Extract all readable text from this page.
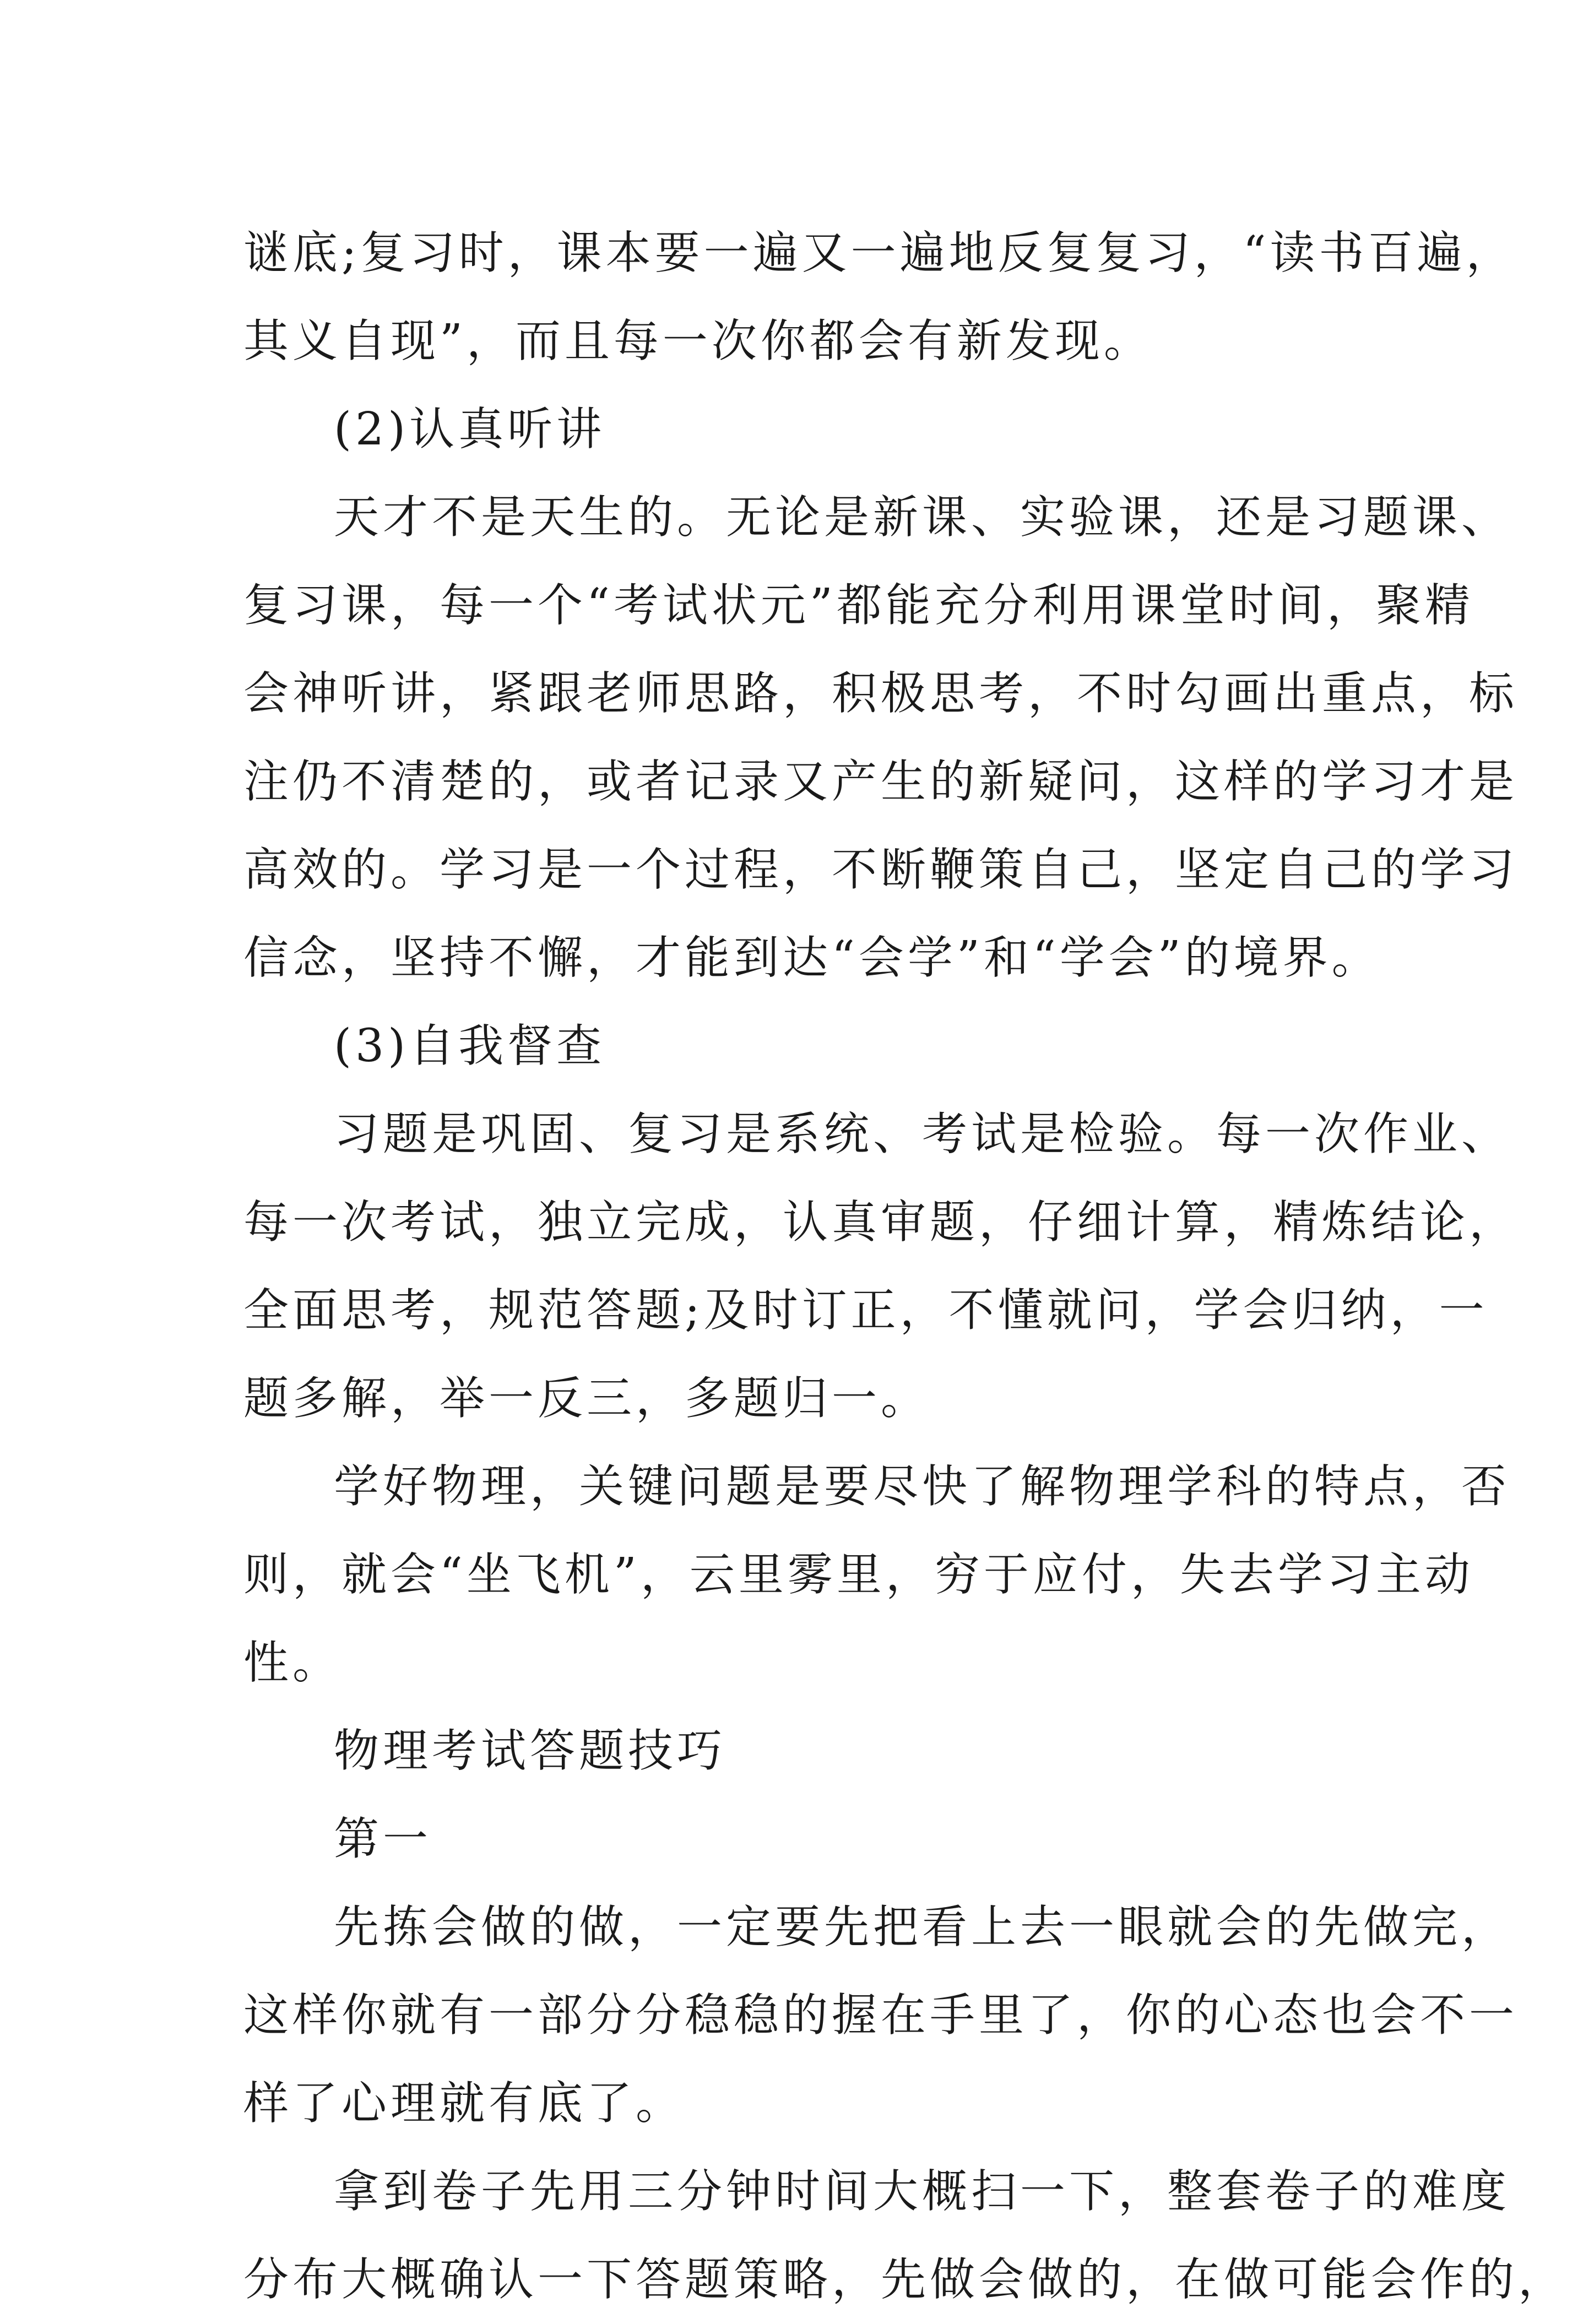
谜底;复习时，课本要一遍又一遍地反复复习，“读书百遍，
其义自现”，而且每一次你都会有新发现。
(2)认真听讲
天才不是天生的。无论是新课、实验课，还是习题课、
复习课，每一个“考试状元”都能充分利用课堂时间，聚精
会神听讲，紧跟老师思路，积极思考，不时勾画出重点，标
注仍不清楚的，或者记录又产生的新疑问，这样的学习才是
高效的。学习是一个过程，不断鞭策自己，坚定自己的学习
信念，坚持不懈，才能到达“会学”和“学会”的境界。
(3)自我督查
习题是巩固、复习是系统、考试是检验。每一次作业、
每一次考试，独立完成，认真审题，仔细计算，精炼结论，
全面思考，规范答题;及时订正，不懂就问，学会归纳，一
题多解，举一反三，多题归一。
学好物理，关键问题是要尽快了解物理学科的特点，否
则，就会“坐飞机”，云里雾里，穷于应付，失去学习主动
性。
物理考试答题技巧
第一
先拣会做的做，一定要先把看上去一眼就会的先做完，
这样你就有一部分分稳稳的握在手里了，你的心态也会不一
样了心理就有底了。
拿到卷子先用三分钟时间大概扫一下，整套卷子的难度
分布大概确认一下答题策略，先做会做的，在做可能会作的，
